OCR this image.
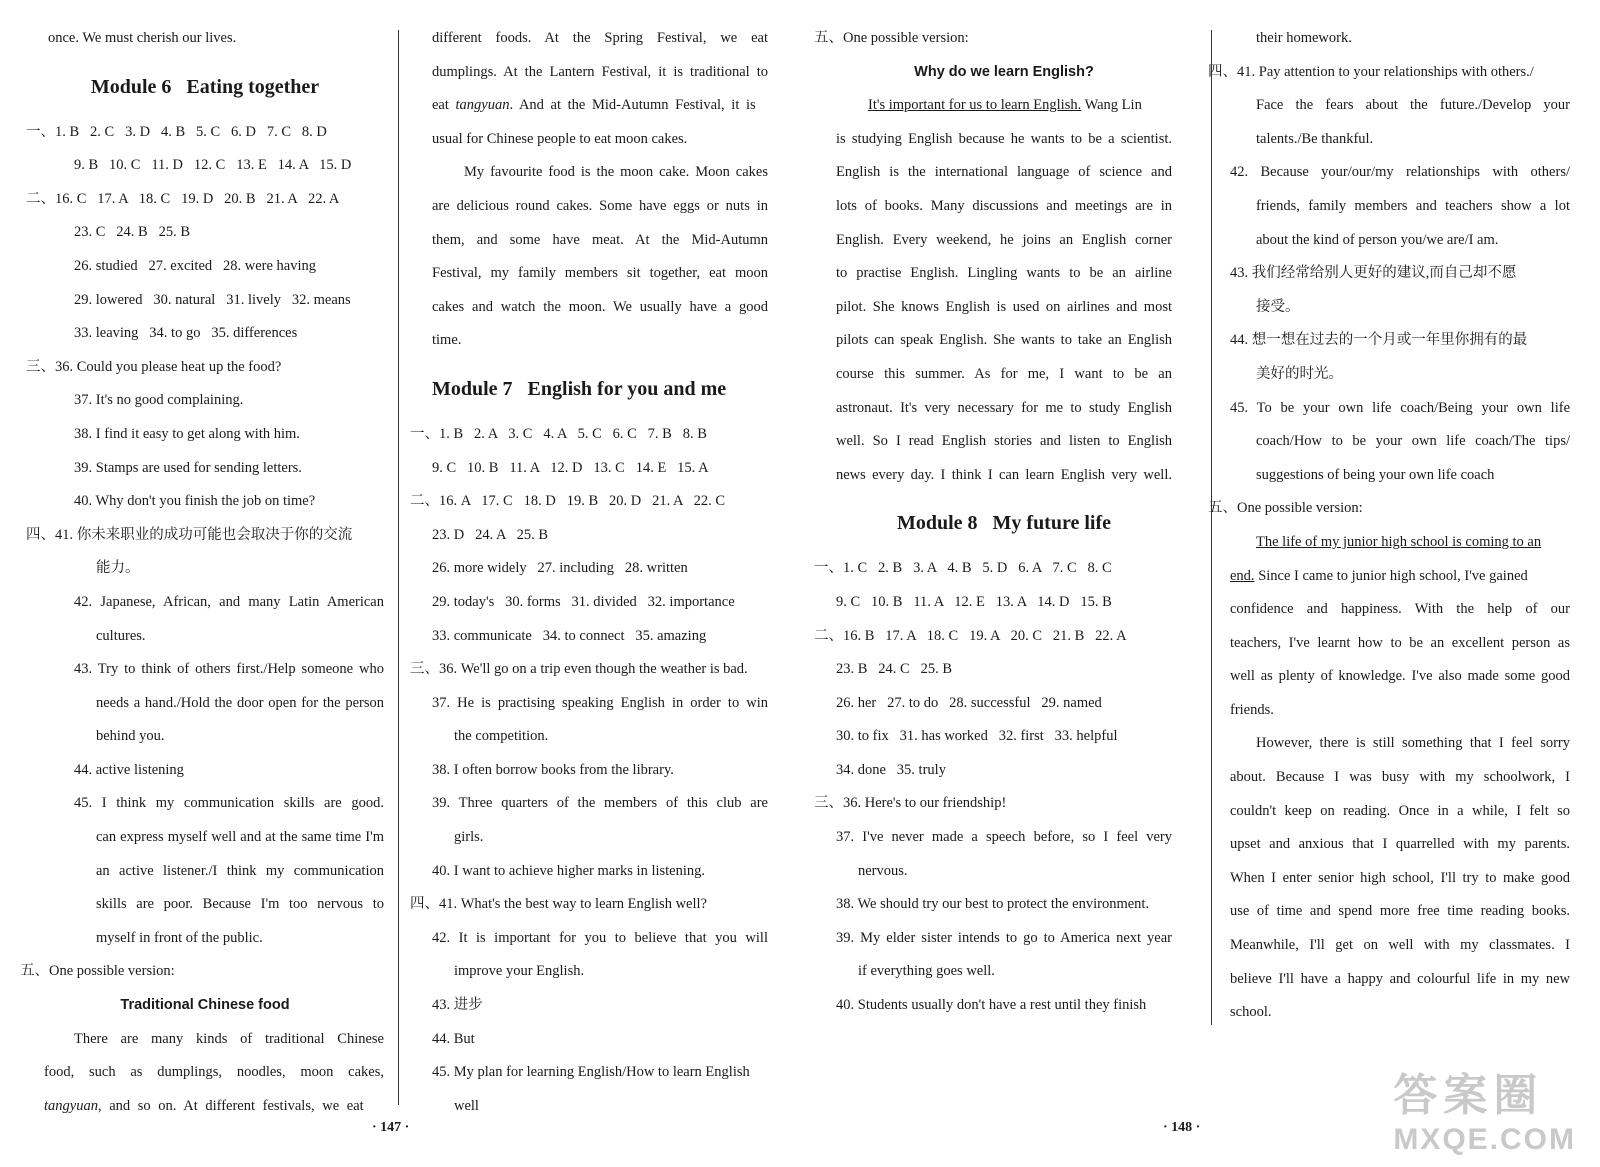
once. We must cherish our lives.
Module 6   Eating together
一、1. B   2. C   3. D   4. B   5. C   6. D   7. C   8. D
9. B   10. C   11. D   12. C   13. E   14. A   15. D
二、16. C   17. A   18. C   19. D   20. B   21. A   22. A
23. C   24. B   25. B
26. studied   27. excited   28. were having
29. lowered   30. natural   31. lively   32. means
33. leaving   34. to go   35. differences
三、36. Could you please heat up the food?
37. It's no good complaining.
38. I find it easy to get along with him.
39. Stamps are used for sending letters.
40. Why don't you finish the job on time?
四、41. 你未来职业的成功可能也会取决于你的交流
能力。
42. Japanese, African, and many Latin American
cultures.
43. Try to think of others first./Help someone who
needs a hand./Hold the door open for the person
behind you.
44. active listening
45. I think my communication skills are good.
can express myself well and at the same time I'm
an active listener./I think my communication
skills are poor. Because I'm too nervous to
myself in front of the public.
五、One possible version:
Traditional Chinese food
There are many kinds of traditional Chinese
food, such as dumplings, noodles, moon cakes,
tangyuan, and so on. At different festivals, we eat
different foods. At the Spring Festival, we eat
dumplings. At the Lantern Festival, it is traditional to
eat tangyuan. And at the Mid-Autumn Festival, it is
usual for Chinese people to eat moon cakes.
My favourite food is the moon cake. Moon cakes
are delicious round cakes. Some have eggs or nuts in
them, and some have meat. At the Mid-Autumn
Festival, my family members sit together, eat moon
cakes and watch the moon. We usually have a good
time.
Module 7   English for you and me
一、1. B   2. A   3. C   4. A   5. C   6. C   7. B   8. B
9. C   10. B   11. A   12. D   13. C   14. E   15. A
二、16. A   17. C   18. D   19. B   20. D   21. A   22. C
23. D   24. A   25. B
26. more widely   27. including   28. written
29. today's   30. forms   31. divided   32. importance
33. communicate   34. to connect   35. amazing
三、36. We'll go on a trip even though the weather is bad.
37. He is practising speaking English in order to win
the competition.
38. I often borrow books from the library.
39. Three quarters of the members of this club are
girls.
40. I want to achieve higher marks in listening.
四、41. What's the best way to learn English well?
42. It is important for you to believe that you will
improve your English.
43. 进步
44. But
45. My plan for learning English/How to learn English
well
五、One possible version:
Why do we learn English?
It's important for us to learn English. Wang Lin
is studying English because he wants to be a scientist.
English is the international language of science and
lots of books. Many discussions and meetings are in
English. Every weekend, he joins an English corner
to practise English. Lingling wants to be an airline
pilot. She knows English is used on airlines and most
pilots can speak English. She wants to take an English
course this summer. As for me, I want to be an
astronaut. It's very necessary for me to study English
well. So I read English stories and listen to English
news every day. I think I can learn English very well.
Module 8   My future life
一、1. C   2. B   3. A   4. B   5. D   6. A   7. C   8. C
9. C   10. B   11. A   12. E   13. A   14. D   15. B
二、16. B   17. A   18. C   19. A   20. C   21. B   22. A
23. B   24. C   25. B
26. her   27. to do   28. successful   29. named
30. to fix   31. has worked   32. first   33. helpful
34. done   35. truly
三、36. Here's to our friendship!
37. I've never made a speech before, so I feel very
nervous.
38. We should try our best to protect the environment.
39. My elder sister intends to go to America next year
if everything goes well.
40. Students usually don't have a rest until they finish
their homework.
四、41. Pay attention to your relationships with others./
Face the fears about the future./Develop your
talents./Be thankful.
42. Because your/our/my relationships with others/
friends, family members and teachers show a lot
about the kind of person you/we are/I am.
43. 我们经常给别人更好的建议,而自己却不愿
接受。
44. 想一想在过去的一个月或一年里你拥有的最
美好的时光。
45. To be your own life coach/Being your own life
coach/How to be your own life coach/The tips/
suggestions of being your own life coach
五、One possible version:
The life of my junior high school is coming to an
end. Since I came to junior high school, I've gained
confidence and happiness. With the help of our
teachers, I've learnt how to be an excellent person as
well as plenty of knowledge. I've also made some good
friends.
However, there is still something that I feel sorry
about. Because I was busy with my schoolwork, I
couldn't keep on reading. Once in a while, I felt so
upset and anxious that I quarrelled with my parents.
When I enter senior high school, I'll try to make good
use of time and spend more free time reading books.
Meanwhile, I'll get on well with my classmates. I
believe I'll have a happy and colourful life in my new
school.
· 147 ·	· 148 ·
答案圈
MXQE.COM
